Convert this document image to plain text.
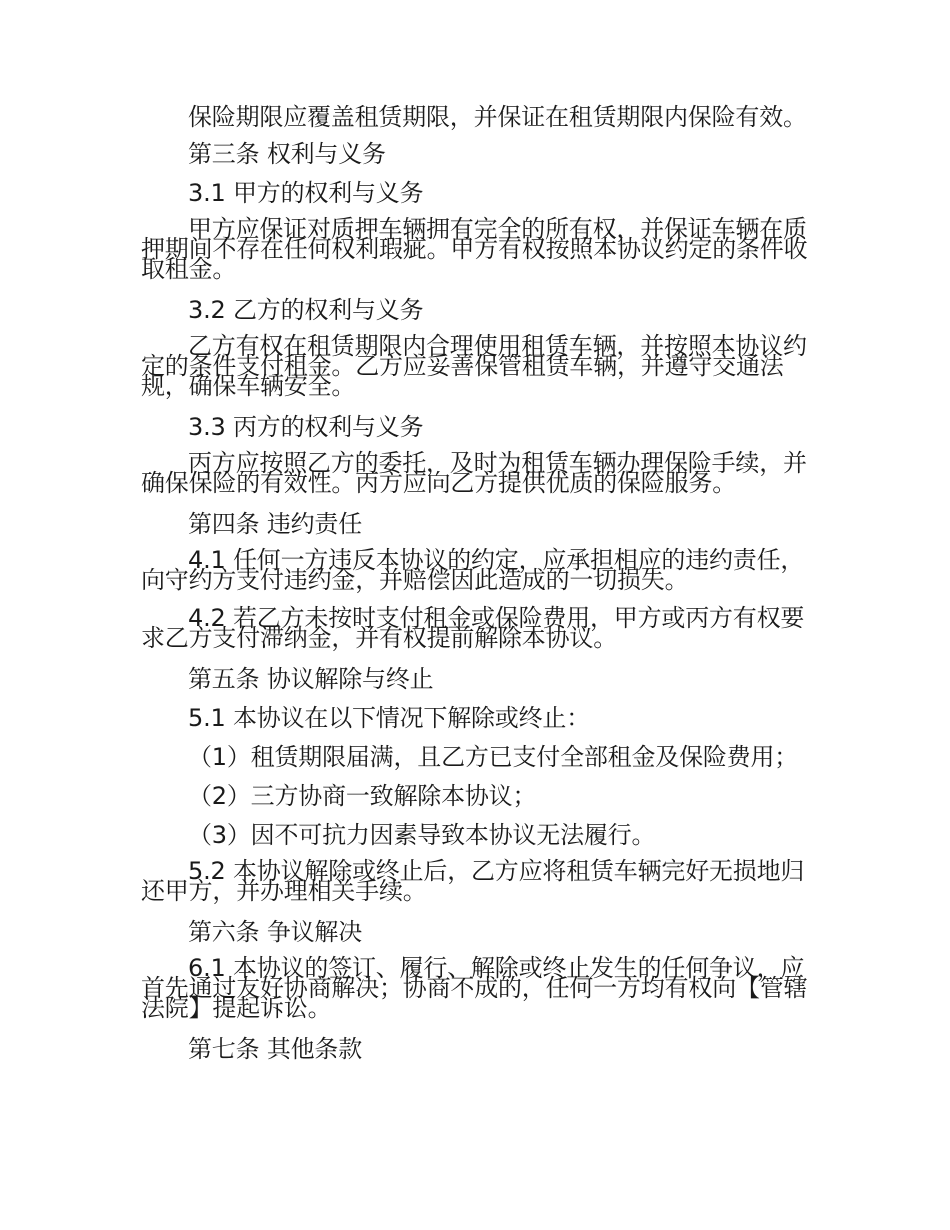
保险期限应覆盖租赁期限，并保证在租赁期限内保险有效。

第三条 权利与义务

3.1 甲方的权利与义务

甲方应保证对质押车辆拥有完全的所有权，并保证车辆在质押期间不存在任何权利瑕疵。甲方有权按照本协议约定的条件收取租金。

3.2 乙方的权利与义务

乙方有权在租赁期限内合理使用租赁车辆，并按照本协议约定的条件支付租金。乙方应妥善保管租赁车辆，并遵守交通法规，确保车辆安全。

3.3 丙方的权利与义务

丙方应按照乙方的委托，及时为租赁车辆办理保险手续，并确保保险的有效性。丙方应向乙方提供优质的保险服务。

第四条 违约责任

4.1 任何一方违反本协议的约定，应承担相应的违约责任，向守约方支付违约金，并赔偿因此造成的一切损失。

4.2 若乙方未按时支付租金或保险费用，甲方或丙方有权要求乙方支付滞纳金，并有权提前解除本协议。

第五条 协议解除与终止

5.1 本协议在以下情况下解除或终止：

（1）租赁期限届满，且乙方已支付全部租金及保险费用；

（2）三方协商一致解除本协议；

（3）因不可抗力因素导致本协议无法履行。

5.2 本协议解除或终止后，乙方应将租赁车辆完好无损地归还甲方，并办理相关手续。

第六条 争议解决

6.1 本协议的签订、履行、解除或终止发生的任何争议，应首先通过友好协商解决；协商不成的，任何一方均有权向【管辖法院】提起诉讼。

第七条 其他条款
